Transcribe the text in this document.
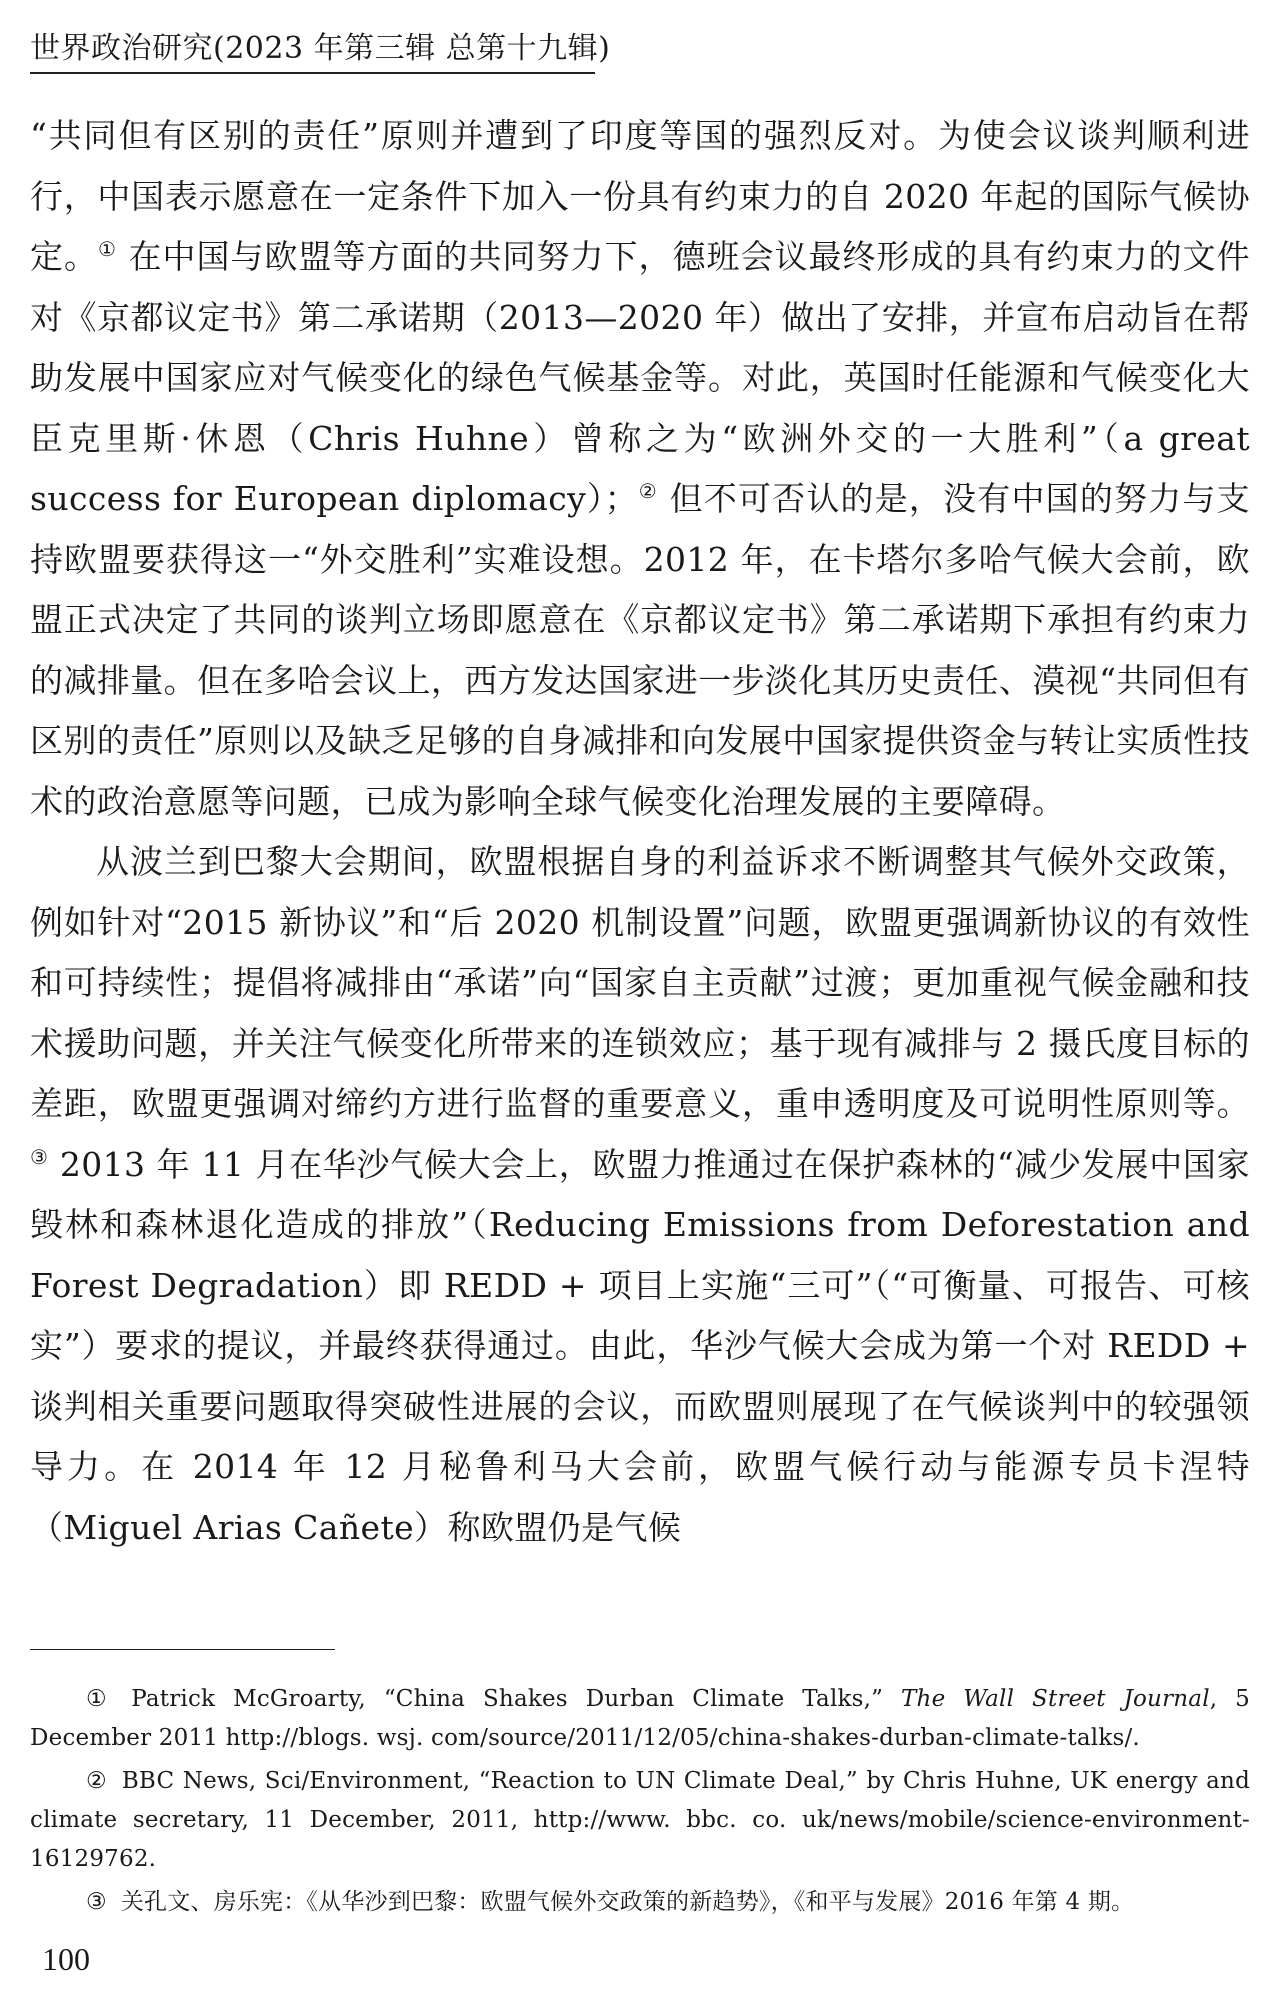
世界政治研究(2023 年第三辑 总第十九辑)

“共同但有区别的责任”原则并遭到了印度等国的强烈反对。为使会议谈判顺利进行，中国表示愿意在一定条件下加入一份具有约束力的自 2020 年起的国际气候协定。① 在中国与欧盟等方面的共同努力下，德班会议最终形成的具有约束力的文件对《京都议定书》第二承诺期（2013—2020 年）做出了安排，并宣布启动旨在帮助发展中国家应对气候变化的绿色气候基金等。对此，英国时任能源和气候变化大臣克里斯·休恩（Chris Huhne）曾称之为“欧洲外交的一大胜利”（a great success for European diplomacy）；② 但不可否认的是，没有中国的努力与支持欧盟要获得这一“外交胜利”实难设想。2012 年，在卡塔尔多哈气候大会前，欧盟正式决定了共同的谈判立场即愿意在《京都议定书》第二承诺期下承担有约束力的减排量。但在多哈会议上，西方发达国家进一步淡化其历史责任、漠视“共同但有区别的责任”原则以及缺乏足够的自身减排和向发展中国家提供资金与转让实质性技术的政治意愿等问题，已成为影响全球气候变化治理发展的主要障碍。

从波兰到巴黎大会期间，欧盟根据自身的利益诉求不断调整其气候外交政策，例如针对“2015 新协议”和“后 2020 机制设置”问题，欧盟更强调新协议的有效性和可持续性；提倡将减排由“承诺”向“国家自主贡献”过渡；更加重视气候金融和技术援助问题，并关注气候变化所带来的连锁效应；基于现有减排与 2 摄氏度目标的差距，欧盟更强调对缔约方进行监督的重要意义，重申透明度及可说明性原则等。③ 2013 年 11 月在华沙气候大会上，欧盟力推通过在保护森林的“减少发展中国家毁林和森林退化造成的排放”（Reducing Emissions from Deforestation and Forest Degradation）即 REDD + 项目上实施“三可”（“可衡量、可报告、可核实”）要求的提议，并最终获得通过。由此，华沙气候大会成为第一个对 REDD + 谈判相关重要问题取得突破性进展的会议，而欧盟则展现了在气候谈判中的较强领导力。在 2014 年 12 月秘鲁利马大会前，欧盟气候行动与能源专员卡涅特（Miguel Arias Cañete）称欧盟仍是气候

① Patrick McGroarty, “China Shakes Durban Climate Talks,” The Wall Street Journal, 5 December 2011 http://blogs. wsj. com/source/2011/12/05/china-shakes-durban-climate-talks/.

② BBC News, Sci/Environment, “Reaction to UN Climate Deal,” by Chris Huhne, UK energy and climate secretary, 11 December, 2011, http://www. bbc. co. uk/news/mobile/science-environment-16129762.

③ 关孔文、房乐宪：《从华沙到巴黎：欧盟气候外交政策的新趋势》，《和平与发展》2016 年第 4 期。

100
